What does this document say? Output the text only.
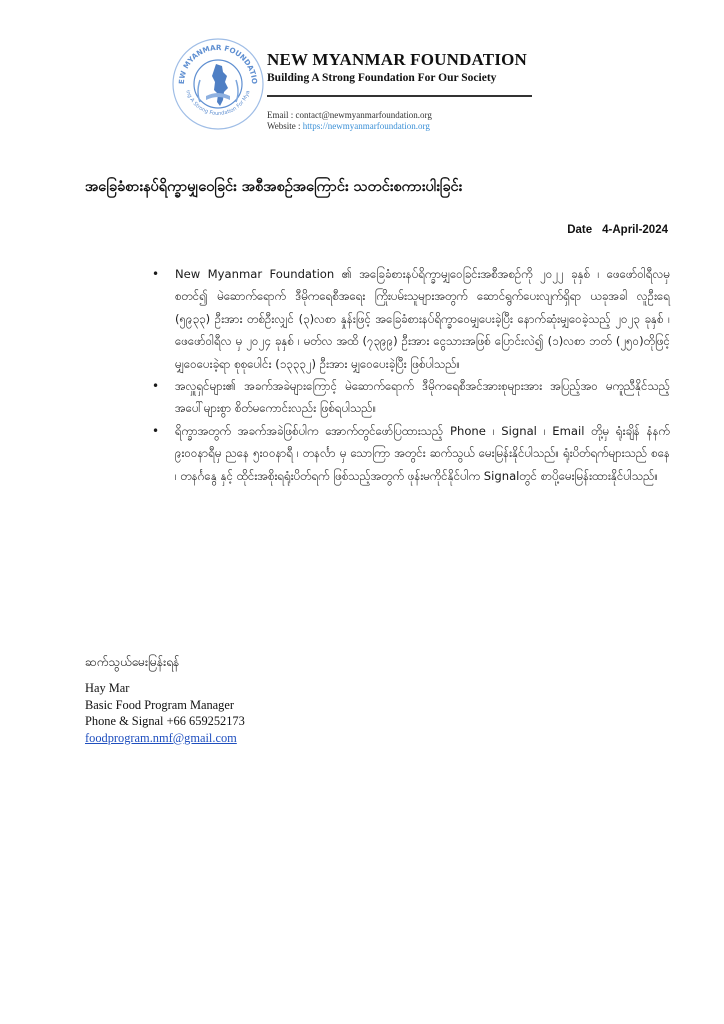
EW MYANMAR FOUNDATIO
ing A Strong Foundation For Mya
NEW MYANMAR FOUNDATION
Building A Strong Foundation For Our Society
Email : contact@newmyanmarfoundation.org
Website : https://newmyanmarfoundation.org
အခြေခံစားနပ်ရိက္ခာမျှဝေခြင်း အစီအစဉ်အကြောင်း သတင်းစကားပါးခြင်း
Date 4-April-2024
• New Myanmar Foundation ၏ အခြေခံစားနပ်ရိက္ခာမျှဝေခြင်းအစီအစဉ်ကို ၂၀၂၂ ခုနှစ် ၊ ဖေဖော်ဝါရီလမှ စတင်၍ မဲဆောက်ရောက် ဒီမိုကရေစီအရေး ကြိုးပမ်းသူများအတွက် ဆောင်ရွက်ပေးလျက်ရှိရာ ယခုအခါ လူဦးရေ (၅၉၃၃) ဦးအား တစ်ဦးလျှင် (၃)လစာ နှုန်းဖြင့် အခြေခံစားနပ်ရိက္ခာဝေမျှပေးခဲ့ပြီး နောက်ဆုံးမျှဝေခဲ့သည့် ၂၀၂၃ ခုနှစ် ၊ ဖေဖော်ဝါရီလ မှ ၂၀၂၄ ခုနှစ် ၊ မတ်လ အထိ (၇၃၉၉) ဦးအား ငွေသားအဖြစ် ပြောင်းလဲ၍ (၁)လစာ ဘတ် (၂၅၀)တိုဖြင့် မျှဝေပေးခဲ့ရာ စုစုပေါင်း (၁၃၃၃၂) ဦးအား မျှဝေပေးခဲ့ပြီး ဖြစ်ပါသည်။
• အလှူရှင်များ၏ အခက်အခဲများကြောင့် မဲဆောက်ရောက် ဒီမိုကရေစီအင်အားစုများအား အပြည့်အဝ မကူညီနိုင်သည့် အပေါ်များစွာ စိတ်မကောင်းလည်း ဖြစ်ရပါသည်။
• ရိက္ခာအတွက် အခက်အခဲဖြစ်ပါက အောက်တွင်ဖော်ပြထားသည့် Phone ၊ Signal ၊ Email တို့မှ ရုံးချိန် နံနက် ၉း၀၀နာရီမှ ညနေ ၅း၀၀နာရီ ၊ တနင်္လာ မှ သောကြာ အတွင်း ဆက်သွယ် မေးမြန်းနိုင်ပါသည်။ ရုံးပိတ်ရက်များသည် စနေ ၊ တနင်္ဂနွေ နှင့် ထိုင်းအစိုးရရုံးပိတ်ရက် ဖြစ်သည့်အတွက် ဖုန်းမကိုင်နိုင်ပါက Signalတွင် စာပို့မေးမြန်းထားနိုင်ပါသည်။
ဆက်သွယ်မေးမြန်းရန်
Hay Mar
Basic Food Program Manager
Phone & Signal +66 659252173
foodprogram.nmf@gmail.com
